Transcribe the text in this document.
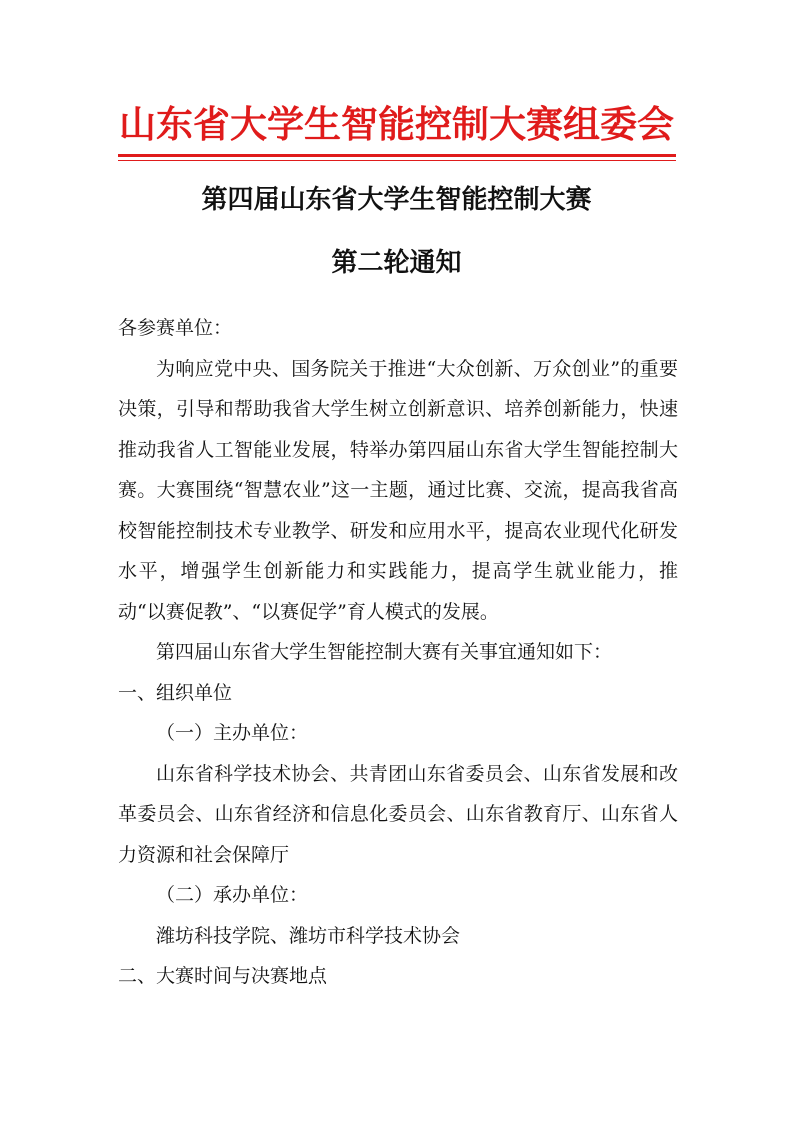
山东省大学生智能控制大赛组委会
第四届山东省大学生智能控制大赛
第二轮通知

各参赛单位：

为响应党中央、国务院关于推进“大众创新、万众创业”的重要决策，引导和帮助我省大学生树立创新意识、培养创新能力，快速推动我省人工智能业发展，特举办第四届山东省大学生智能控制大赛。大赛围绕“智慧农业”这一主题，通过比赛、交流，提高我省高校智能控制技术专业教学、研发和应用水平，提高农业现代化研发水平，增强学生创新能力和实践能力，提高学生就业能力，推动“以赛促教”、“以赛促学”育人模式的发展。

第四届山东省大学生智能控制大赛有关事宜通知如下：

一、组织单位

（一）主办单位：

山东省科学技术协会、共青团山东省委员会、山东省发展和改革委员会、山东省经济和信息化委员会、山东省教育厅、山东省人力资源和社会保障厅

（二）承办单位：

潍坊科技学院、潍坊市科学技术协会

二、大赛时间与决赛地点
